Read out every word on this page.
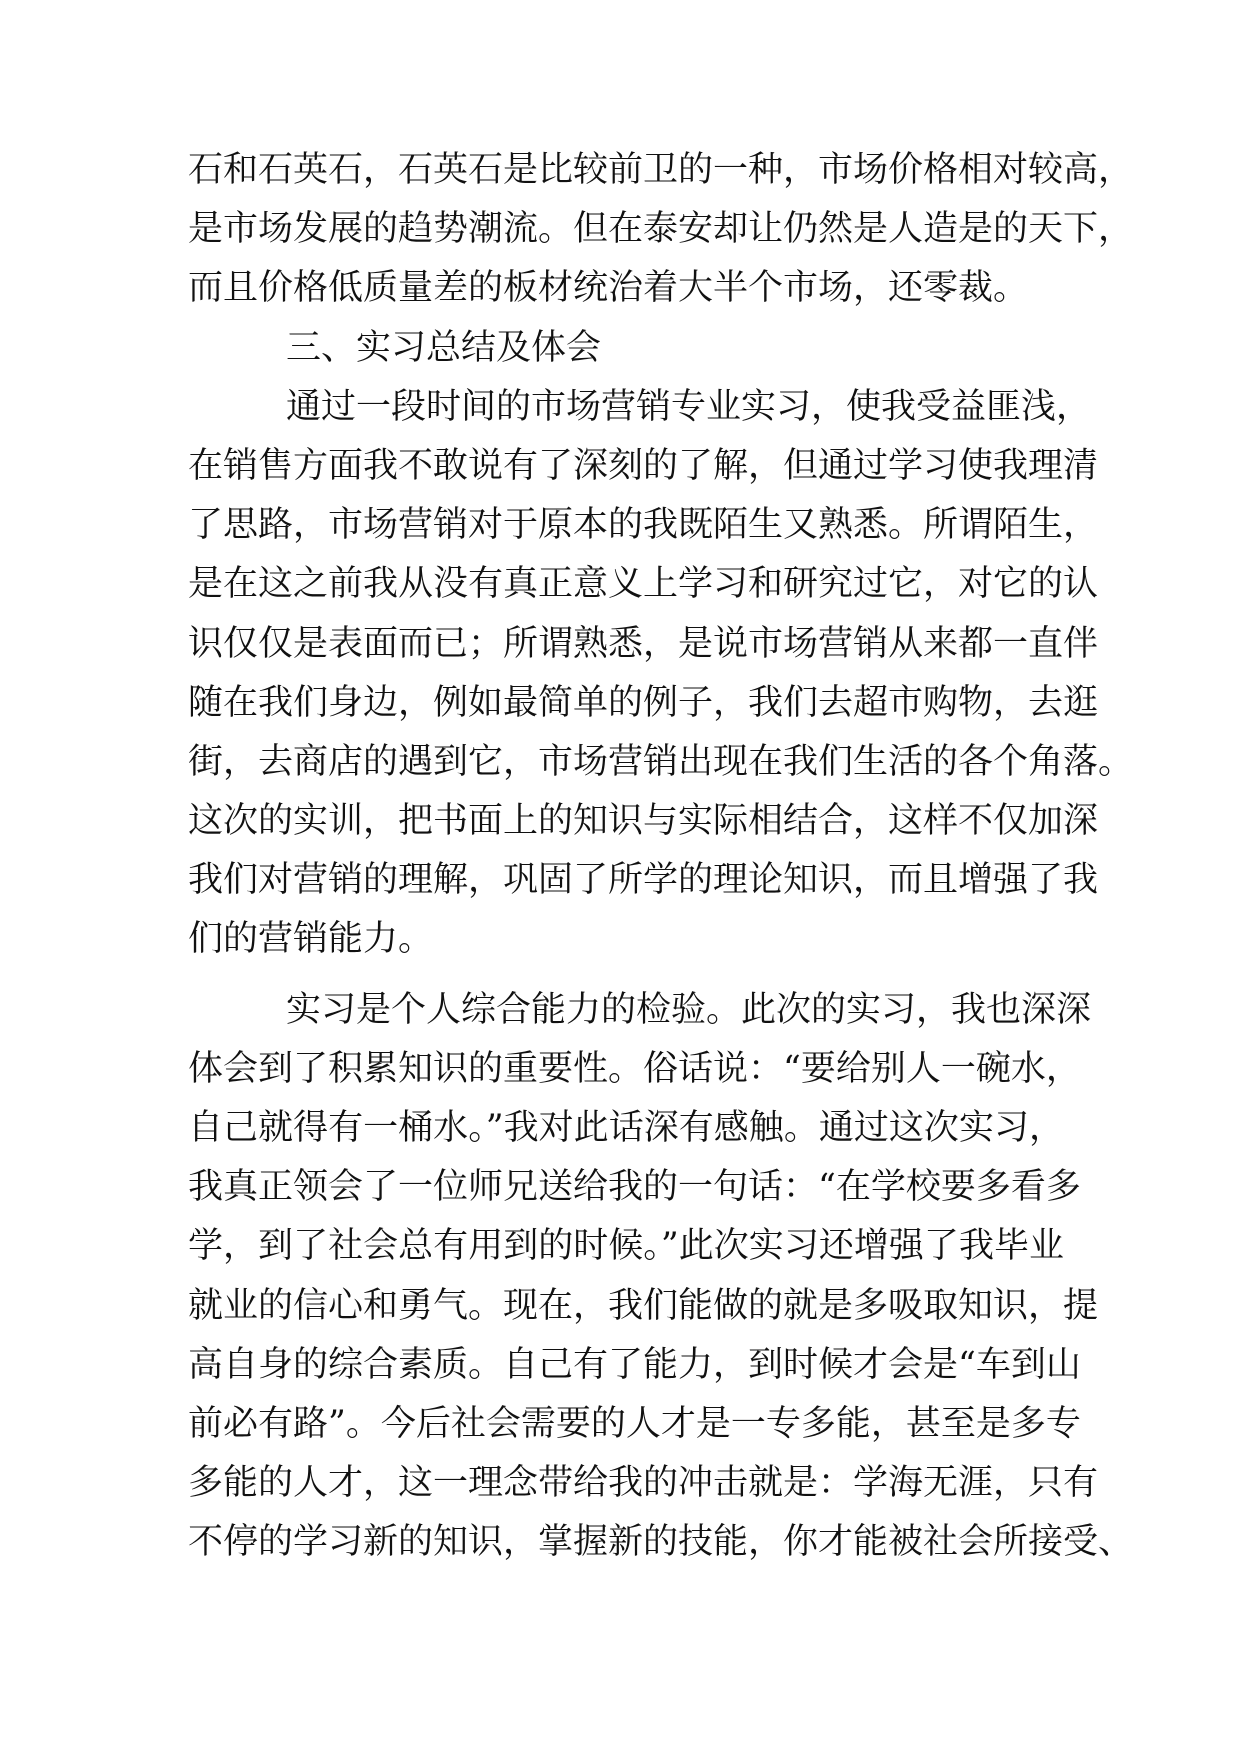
石和石英石，石英石是比较前卫的一种，市场价格相对较高，
是市场发展的趋势潮流。但在泰安却让仍然是人造是的天下，
而且价格低质量差的板材统治着大半个市场，还零裁。
三、实习总结及体会
通过一段时间的市场营销专业实习，使我受益匪浅，
在销售方面我不敢说有了深刻的了解，但通过学习使我理清
了思路，市场营销对于原本的我既陌生又熟悉。所谓陌生，
是在这之前我从没有真正意义上学习和研究过它，对它的认
识仅仅是表面而已；所谓熟悉，是说市场营销从来都一直伴
随在我们身边，例如最简单的例子，我们去超市购物，去逛
街，去商店的遇到它，市场营销出现在我们生活的各个角落。
这次的实训，把书面上的知识与实际相结合，这样不仅加深
我们对营销的理解，巩固了所学的理论知识，而且增强了我
们的营销能力。
实习是个人综合能力的检验。此次的实习，我也深深
体会到了积累知识的重要性。俗话说：“要给别人一碗水，
自己就得有一桶水。”我对此话深有感触。通过这次实习，
我真正领会了一位师兄送给我的一句话：“在学校要多看多
学，到了社会总有用到的时候。”此次实习还增强了我毕业
就业的信心和勇气。现在，我们能做的就是多吸取知识，提
高自身的综合素质。自己有了能力，到时候才会是“车到山
前必有路”。今后社会需要的人才是一专多能，甚至是多专
多能的人才，这一理念带给我的冲击就是：学海无涯，只有
不停的学习新的知识，掌握新的技能，你才能被社会所接受、
